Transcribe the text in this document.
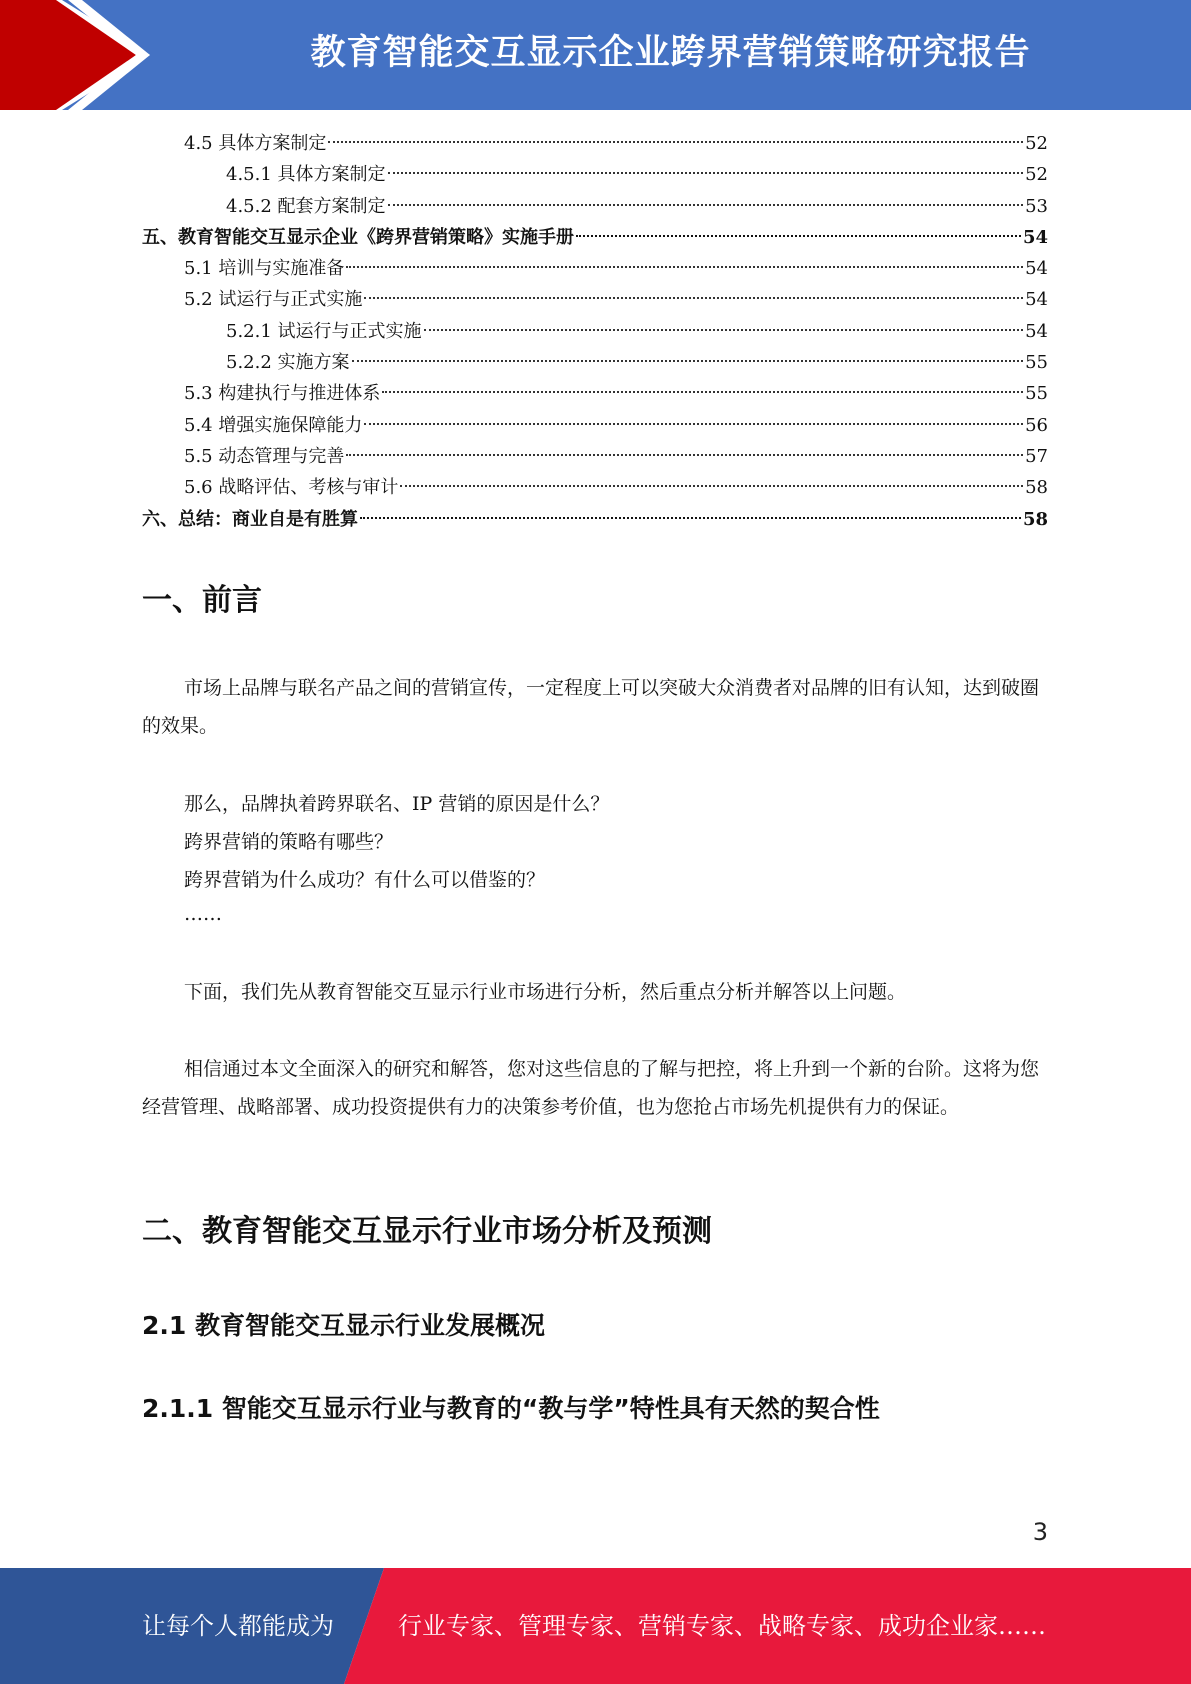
教育智能交互显示企业跨界营销策略研究报告
4.5 具体方案制定	52
4.5.1 具体方案制定	52
4.5.2 配套方案制定	53
五、教育智能交互显示企业《跨界营销策略》实施手册	54
5.1 培训与实施准备	54
5.2 试运行与正式实施	54
5.2.1 试运行与正式实施	54
5.2.2 实施方案	55
5.3 构建执行与推进体系	55
5.4 增强实施保障能力	56
5.5 动态管理与完善	57
5.6 战略评估、考核与审计	58
六、总结：商业自是有胜算	58
一、前言

市场上品牌与联名产品之间的营销宣传，一定程度上可以突破大众消费者对品牌的旧有认知，达到破圈的效果。

那么，品牌执着跨界联名、IP 营销的原因是什么？

跨界营销的策略有哪些？

跨界营销为什么成功？有什么可以借鉴的？

……

下面，我们先从教育智能交互显示行业市场进行分析，然后重点分析并解答以上问题。

相信通过本文全面深入的研究和解答，您对这些信息的了解与把控，将上升到一个新的台阶。这将为您经营管理、战略部署、成功投资提供有力的决策参考价值，也为您抢占市场先机提供有力的保证。

二、教育智能交互显示行业市场分析及预测
2.1 教育智能交互显示行业发展概况
2.1.1 智能交互显示行业与教育的“教与学”特性具有天然的契合性
3
让每个人都能成为	行业专家、管理专家、营销专家、战略专家、成功企业家……
